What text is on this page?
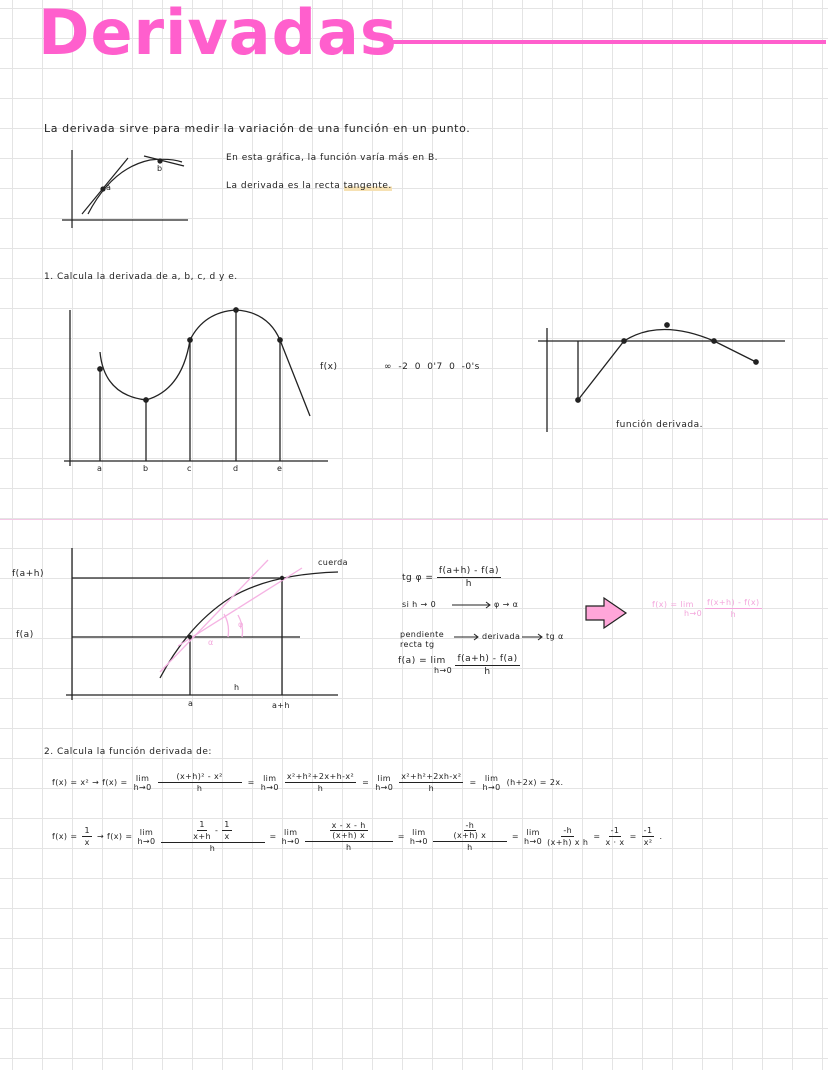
Derivadas
La derivada sirve para medir la variación de una función en un punto.
En esta gráfica, la función varía más en B.
La derivada es la recta tangente.
a
b
1. Calcula la derivada de a, b, c, d y e.
f(x)
a	b	c	d	e
∞ -2 0 0'7 0 -0's
función derivada.
f(a+h)
f(a)
cuerda
a	a+h
h
α
φ
tg $\varphi = \frac{f(a+h) - f(a)}{h}$
si h → 0	φ → α
pendiente
recta tg
derivada	tg α
f(a) = lim
h→0
$\frac{f(a+h) - f(a)}{h}$
f(x) = lim
h→0
$\frac{f(x+h) - f(x)}{h}$
2. Calcula la función derivada de:
f(x) = x² → f(x) = lim
$h\to 0 \frac{\text{(x+h)² - x²}}{h} = \lim$
$h\to 0 \frac{\text{x²+h²+2x+h-x²}}{h} = \lim$
$h\to 0 \frac{\text{x²+h²+2xh-x²}}{h} = \lim$
h→0 (h+2x) = 2x.
$f(x) = \frac{1}{x} \to f(x) = \lim$
$h\to 0 \frac{\frac{1}{x+h} - \frac{1}{x}}{h} = \lim$
h→0 x - x - h
(x+h) x
h = lim
h→0 -h
(x+h) x
h = lim
$h\to 0 \frac{-h}{\text{(x+h) x h}} = \frac{-1}{x \cdot x} = \frac{-1}{\text{x²}}$ .
